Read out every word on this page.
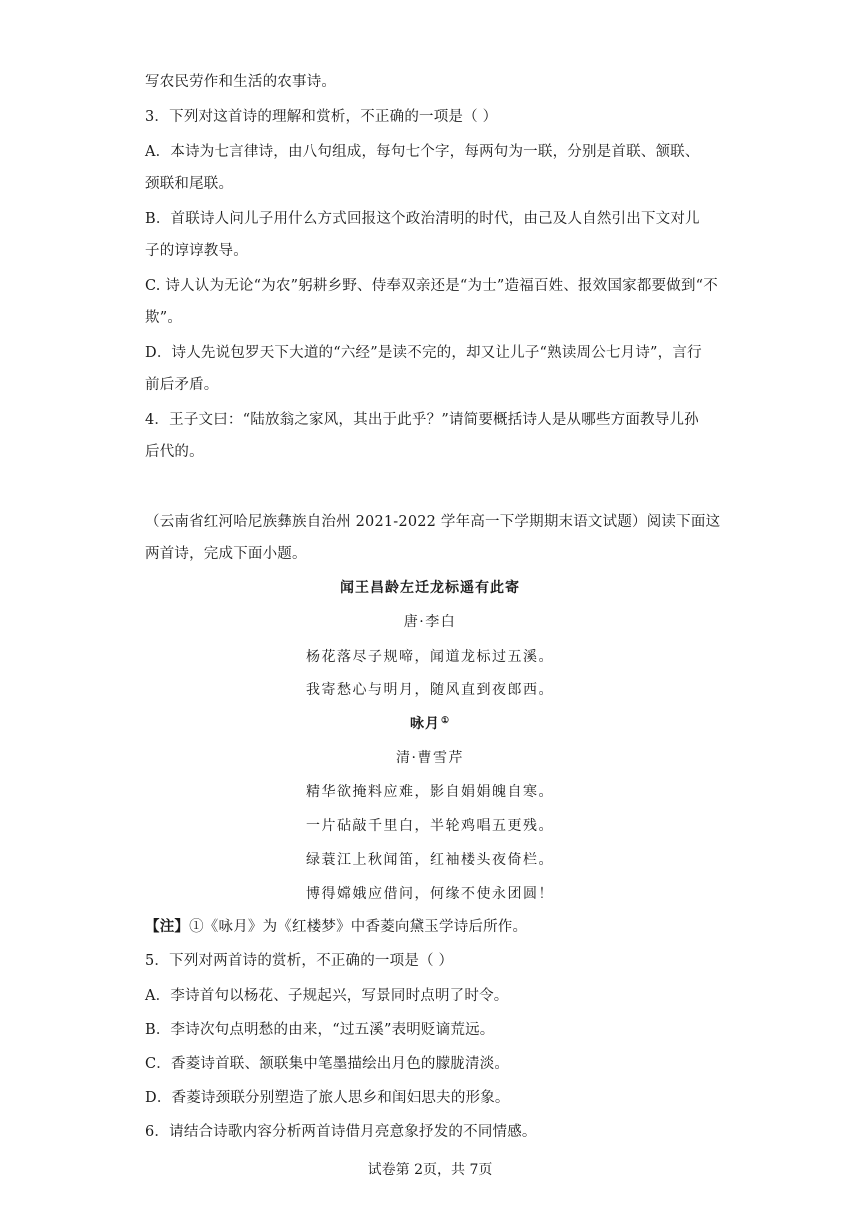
写农民劳作和生活的农事诗。
3．下列对这首诗的理解和赏析，不正确的一项是（ ）
A．本诗为七言律诗，由八句组成，每句七个字，每两句为一联，分别是首联、颔联、
颈联和尾联。
B．首联诗人问儿子用什么方式回报这个政治清明的时代，由己及人自然引出下文对儿
子的谆谆教导。
C. 诗人认为无论“为农”躬耕乡野、侍奉双亲还是“为士”造福百姓、报效国家都要做到“不
欺”。
D．诗人先说包罗天下大道的“六经”是读不完的，却又让儿子“熟读周公七月诗”，言行
前后矛盾。
4．王子文曰：“陆放翁之家风，其出于此乎？”请简要概括诗人是从哪些方面教导儿孙
后代的。
（云南省红河哈尼族彝族自治州 2021-2022 学年高一下学期期末语文试题）阅读下面这
两首诗，完成下面小题。
闻王昌龄左迁龙标遥有此寄
唐·李白
杨花落尽子规啼，闻道龙标过五溪。
我寄愁心与明月，随风直到夜郎西。
咏月①
清·曹雪芹
精华欲掩料应难，影自娟娟魄自寒。
一片砧敲千里白，半轮鸡唱五更残。
绿蓑江上秋闻笛，红袖楼头夜倚栏。
博得嫦娥应借问，何缘不使永团圆！
【注】①《咏月》为《红楼梦》中香菱向黛玉学诗后所作。
5．下列对两首诗的赏析，不正确的一项是（ ）
A．李诗首句以杨花、子规起兴，写景同时点明了时令。
B．李诗次句点明愁的由来，“过五溪”表明贬谪荒远。
C．香菱诗首联、颔联集中笔墨描绘出月色的朦胧清淡。
D．香菱诗颈联分别塑造了旅人思乡和闺妇思夫的形象。
6．请结合诗歌内容分析两首诗借月亮意象抒发的不同情感。
试卷第 2页，共 7页
